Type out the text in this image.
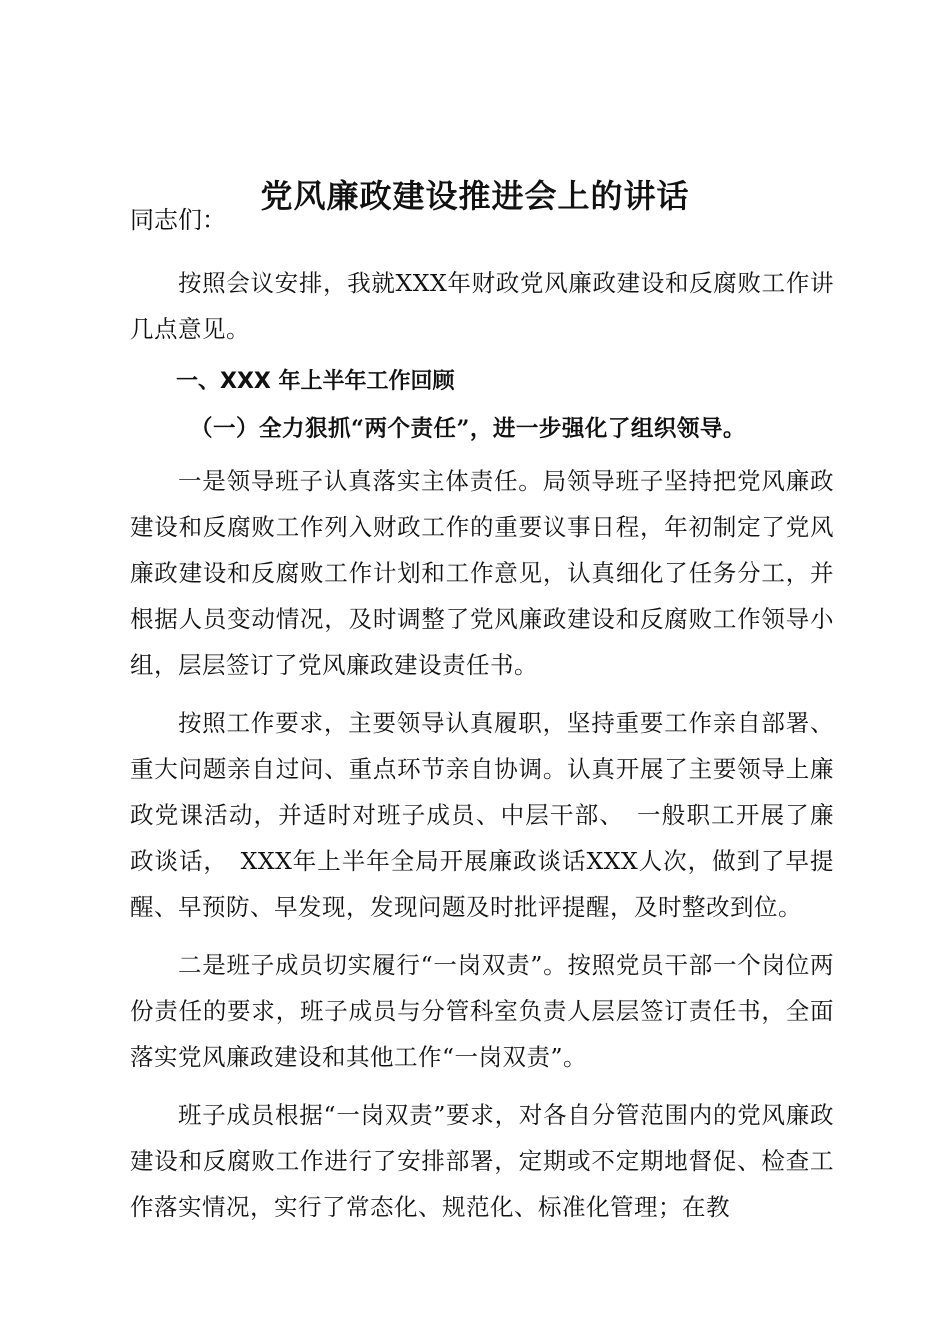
党风廉政建设推进会上的讲话

同志们：

按照会议安排，我就XXX年财政党风廉政建设和反腐败工作讲几点意见。

一、XXX 年上半年工作回顾

（一）全力狠抓“两个责任”，进一步强化了组织领导。

一是领导班子认真落实主体责任。局领导班子坚持把党风廉政建设和反腐败工作列入财政工作的重要议事日程，年初制定了党风廉政建设和反腐败工作计划和工作意见，认真细化了任务分工，并根据人员变动情况，及时调整了党风廉政建设和反腐败工作领导小组，层层签订了党风廉政建设责任书。

按照工作要求，主要领导认真履职，坚持重要工作亲自部署、重大问题亲自过问、重点环节亲自协调。认真开展了主要领导上廉政党课活动，并适时对班子成员、中层干部、　一般职工开展了廉政谈话，　XXX年上半年全局开展廉政谈话XXX人次，做到了早提醒、早预防、早发现，发现问题及时批评提醒，及时整改到位。

二是班子成员切实履行“一岗双责”。按照党员干部一个岗位两份责任的要求，班子成员与分管科室负责人层层签订责任书，全面落实党风廉政建设和其他工作“一岗双责”。

班子成员根据“一岗双责”要求，对各自分管范围内的党风廉政建设和反腐败工作进行了安排部署，定期或不定期地督促、检查工作落实情况，实行了常态化、规范化、标准化管理；在教
